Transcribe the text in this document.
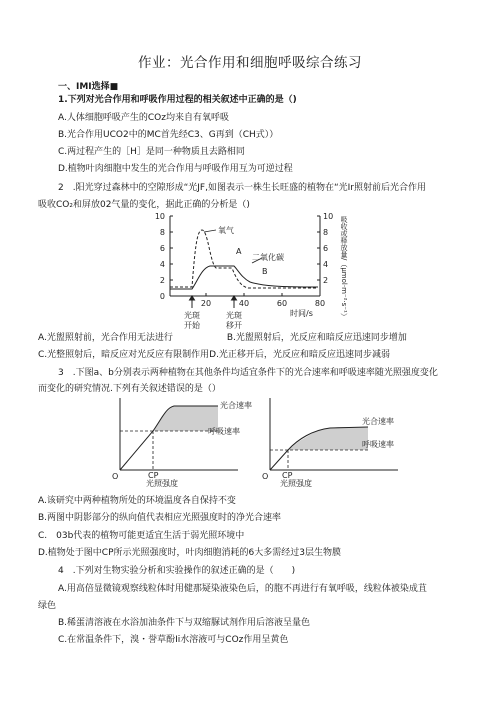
作业：光合作用和细胞呼吸综合练习
一、IMI选择■
1.下列对光合作用和呼吸作用过程的相关叙述中正确的是（)
A.人体细胞呼吸产生的COz均来自有氧呼吸
B.光合作用UCO2中的MC首先经C3、G再到（CH式））
C.两过程产生的［H］是同一种物质且去路相同
D.植物叶肉细胞中发生的光合作用与呼吸作用互为可逆过程
2　.阳光穿过森林中的空隙形成“光JF,如图表示一株生长旺盛的植物在“光Ir照射前后光合作用
吸收CO₂和屏放02气量的变化，据此正确的分析是（)
10
8
6
4
2
0
10
8
6
4
2 吸收或释放量/（μmol·m⁻²·s⁻¹）
20	40	60	80
时间/s
光斑
开始
光斑
移开
氧气
A
二氧化碳
B
A.光盥照射前，光合作用无法进行　　　　　　B.光盥照射后，光反应和暗反应迅速同步增加
C.光整照射后，暗反应对光反应有限制作用D.光正移开后，光反应和暗反应迅速同步减弱
3　.下图a、b分别表示两种植物在其他条件均适宜条件下的光合速率和呼吸速率随光照强度变化
而变化的研究情况.下列有关叙述错误的是（）
光合速率
呼吸速率
O	CP
光照强度
光合速率
呼吸速率
O CP
光照强度
A.该研究中两种植物所处的环境温度各自保持不变
B.两图中阴影部分的纵向值代表相应光照强度时的净光合速率
C.　03b代表的植物可能更适宜生活于弱光照环境中
D.植物处于图中CP所示光照强度时，叶肉细胞消耗的6大多需经过3层生物膜
4　.下列对生物实验分析和实验操作的叙述正确的是（　　)
A.用高倍显微镜观察线粒体时用健那疑染液染色后，的胞不再进行有氧呼吸，线粒体被染成苴
绿色
B.稀蛋清溶液在水浴加油条件下与双缩脲试剂作用后溶液呈量色
C.在常温条件下，溴・誉草酚Ii水溶液可与COz作用呈黄色
